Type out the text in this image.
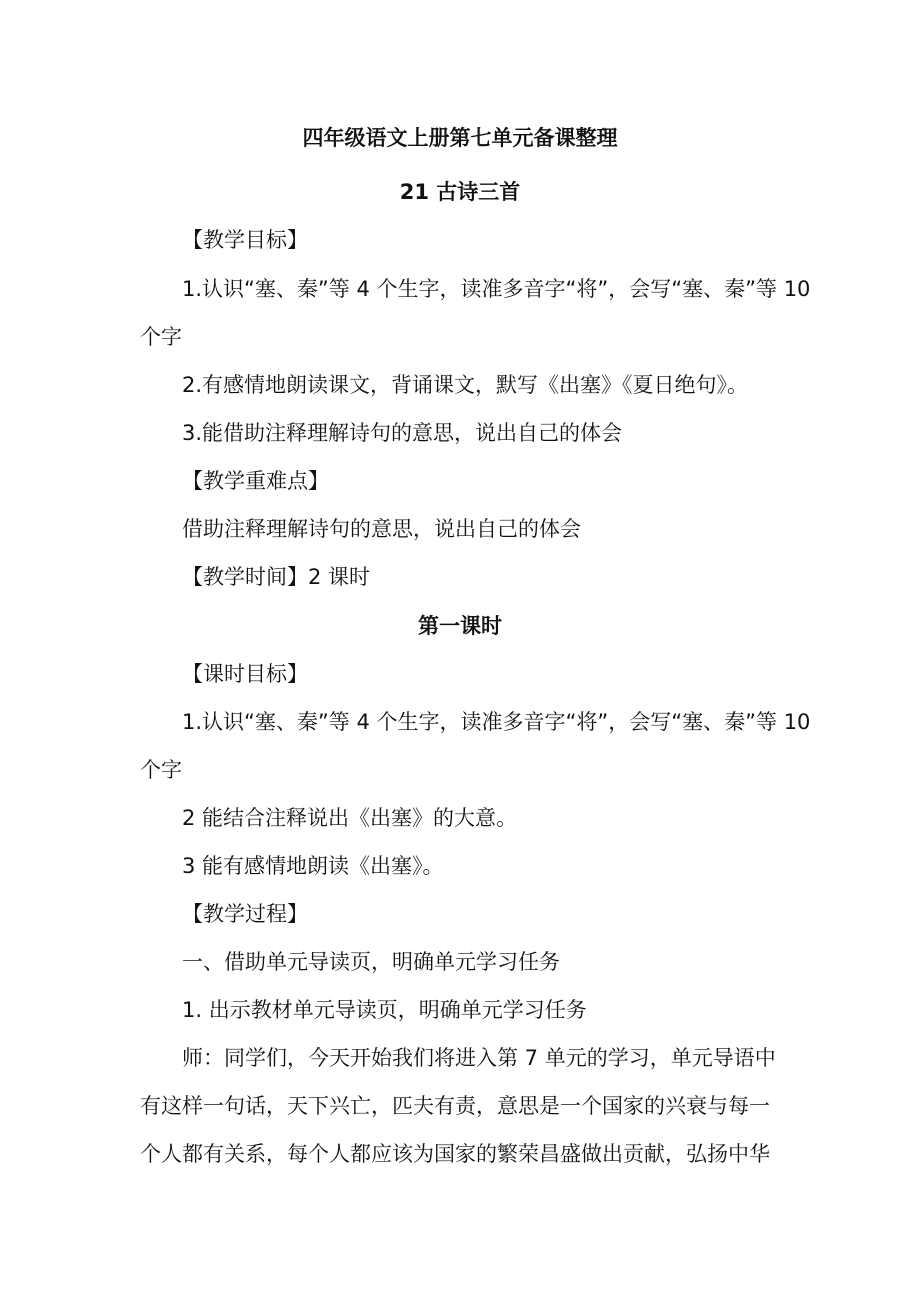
四年级语文上册第七单元备课整理
21 古诗三首
【教学目标】
1.认识“塞、秦”等 4 个生字，读准多音字“将”，会写“塞、秦”等 10
个字
2.有感情地朗读课文，背诵课文，默写《出塞》《夏日绝句》。
3.能借助注释理解诗句的意思，说出自己的体会
【教学重难点】
借助注释理解诗句的意思，说出自己的体会
【教学时间】2 课时
第一课时
【课时目标】
1.认识“塞、秦”等 4 个生字，读准多音字“将”，会写“塞、秦”等 10
个字
2 能结合注释说出《出塞》的大意。
3 能有感情地朗读《出塞》。
【教学过程】
一、借助单元导读页，明确单元学习任务
1. 出示教材单元导读页，明确单元学习任务
师：同学们，今天开始我们将进入第 7 单元的学习，单元导语中
有这样一句话，天下兴亡，匹夫有责，意思是一个国家的兴衰与每一
个人都有关系，每个人都应该为国家的繁荣昌盛做出贡献，弘扬中华
